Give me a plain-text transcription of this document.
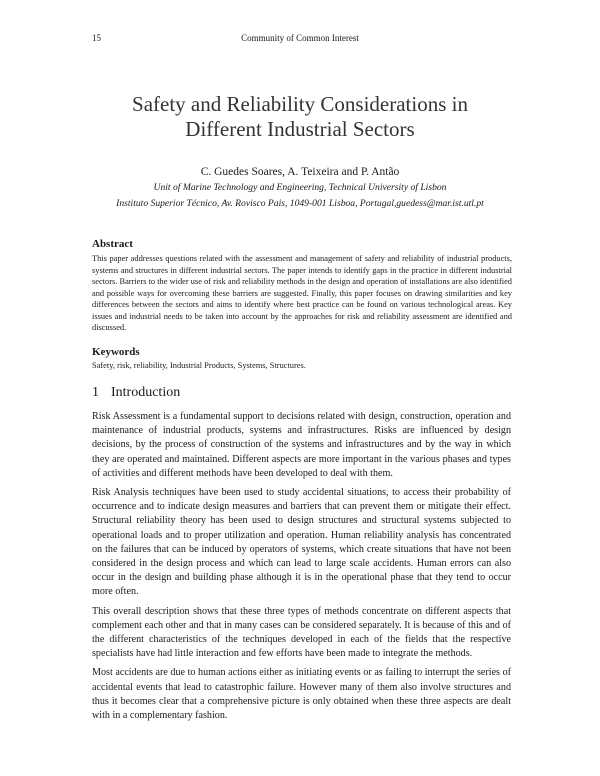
15	Community of Common Interest
Safety and Reliability Considerations in
Different Industrial Sectors
C. Guedes Soares, A. Teixeira and P. Antão
Unit of Marine Technology and Engineering, Technical University of Lisbon
Instituto Superior Técnico, Av. Rovisco Pais, 1049-001 Lisboa, Portugal,guedess@mar.ist.utl.pt
Abstract

This paper addresses questions related with the assessment and management of safety and reliability of industrial products, systems and structures in different industrial sectors. The paper intends to identify gaps in the practice in different industrial sectors. Barriers to the wider use of risk and reliability methods in the design and operation of installations are also identified and possible ways for overcoming these barriers are suggested. Finally, this paper focuses on drawing similarities and key differences between the sectors and aims to identify where best practice can be found on various technological areas. Key issues and industrial needs to be taken into account by the approaches for risk and reliability assessment are identified and discussed.

Keywords

Safety, risk, reliability, Industrial Products, Systems, Structures.

1 Introduction

Risk Assessment is a fundamental support to decisions related with design, construction, operation and maintenance of industrial products, systems and infrastructures. Risks are influenced by design decisions, by the process of construction of the systems and infrastructures and by the way in which they are operated and maintained. Different aspects are more important in the various phases and types of activities and different methods have been developed to deal with them.

Risk Analysis techniques have been used to study accidental situations, to access their probability of occurrence and to indicate design measures and barriers that can prevent them or mitigate their effect. Structural reliability theory has been used to design structures and structural systems subjected to operational loads and to proper utilization and operation. Human reliability analysis has concentrated on the failures that can be induced by operators of systems, which create situations that have not been considered in the design process and which can lead to large scale accidents. Human errors can also occur in the design and building phase although it is in the operational phase that they tend to occur more often.

This overall description shows that these three types of methods concentrate on different aspects that complement each other and that in many cases can be considered separately. It is because of this and of the different characteristics of the techniques developed in each of the fields that the respective specialists have had little interaction and few efforts have been made to integrate the methods.

Most accidents are due to human actions either as initiating events or as failing to interrupt the series of accidental events that lead to catastrophic failure. However many of them also involve structures and thus it becomes clear that a comprehensive picture is only obtained when these three aspects are dealt with in a complementary fashion.
